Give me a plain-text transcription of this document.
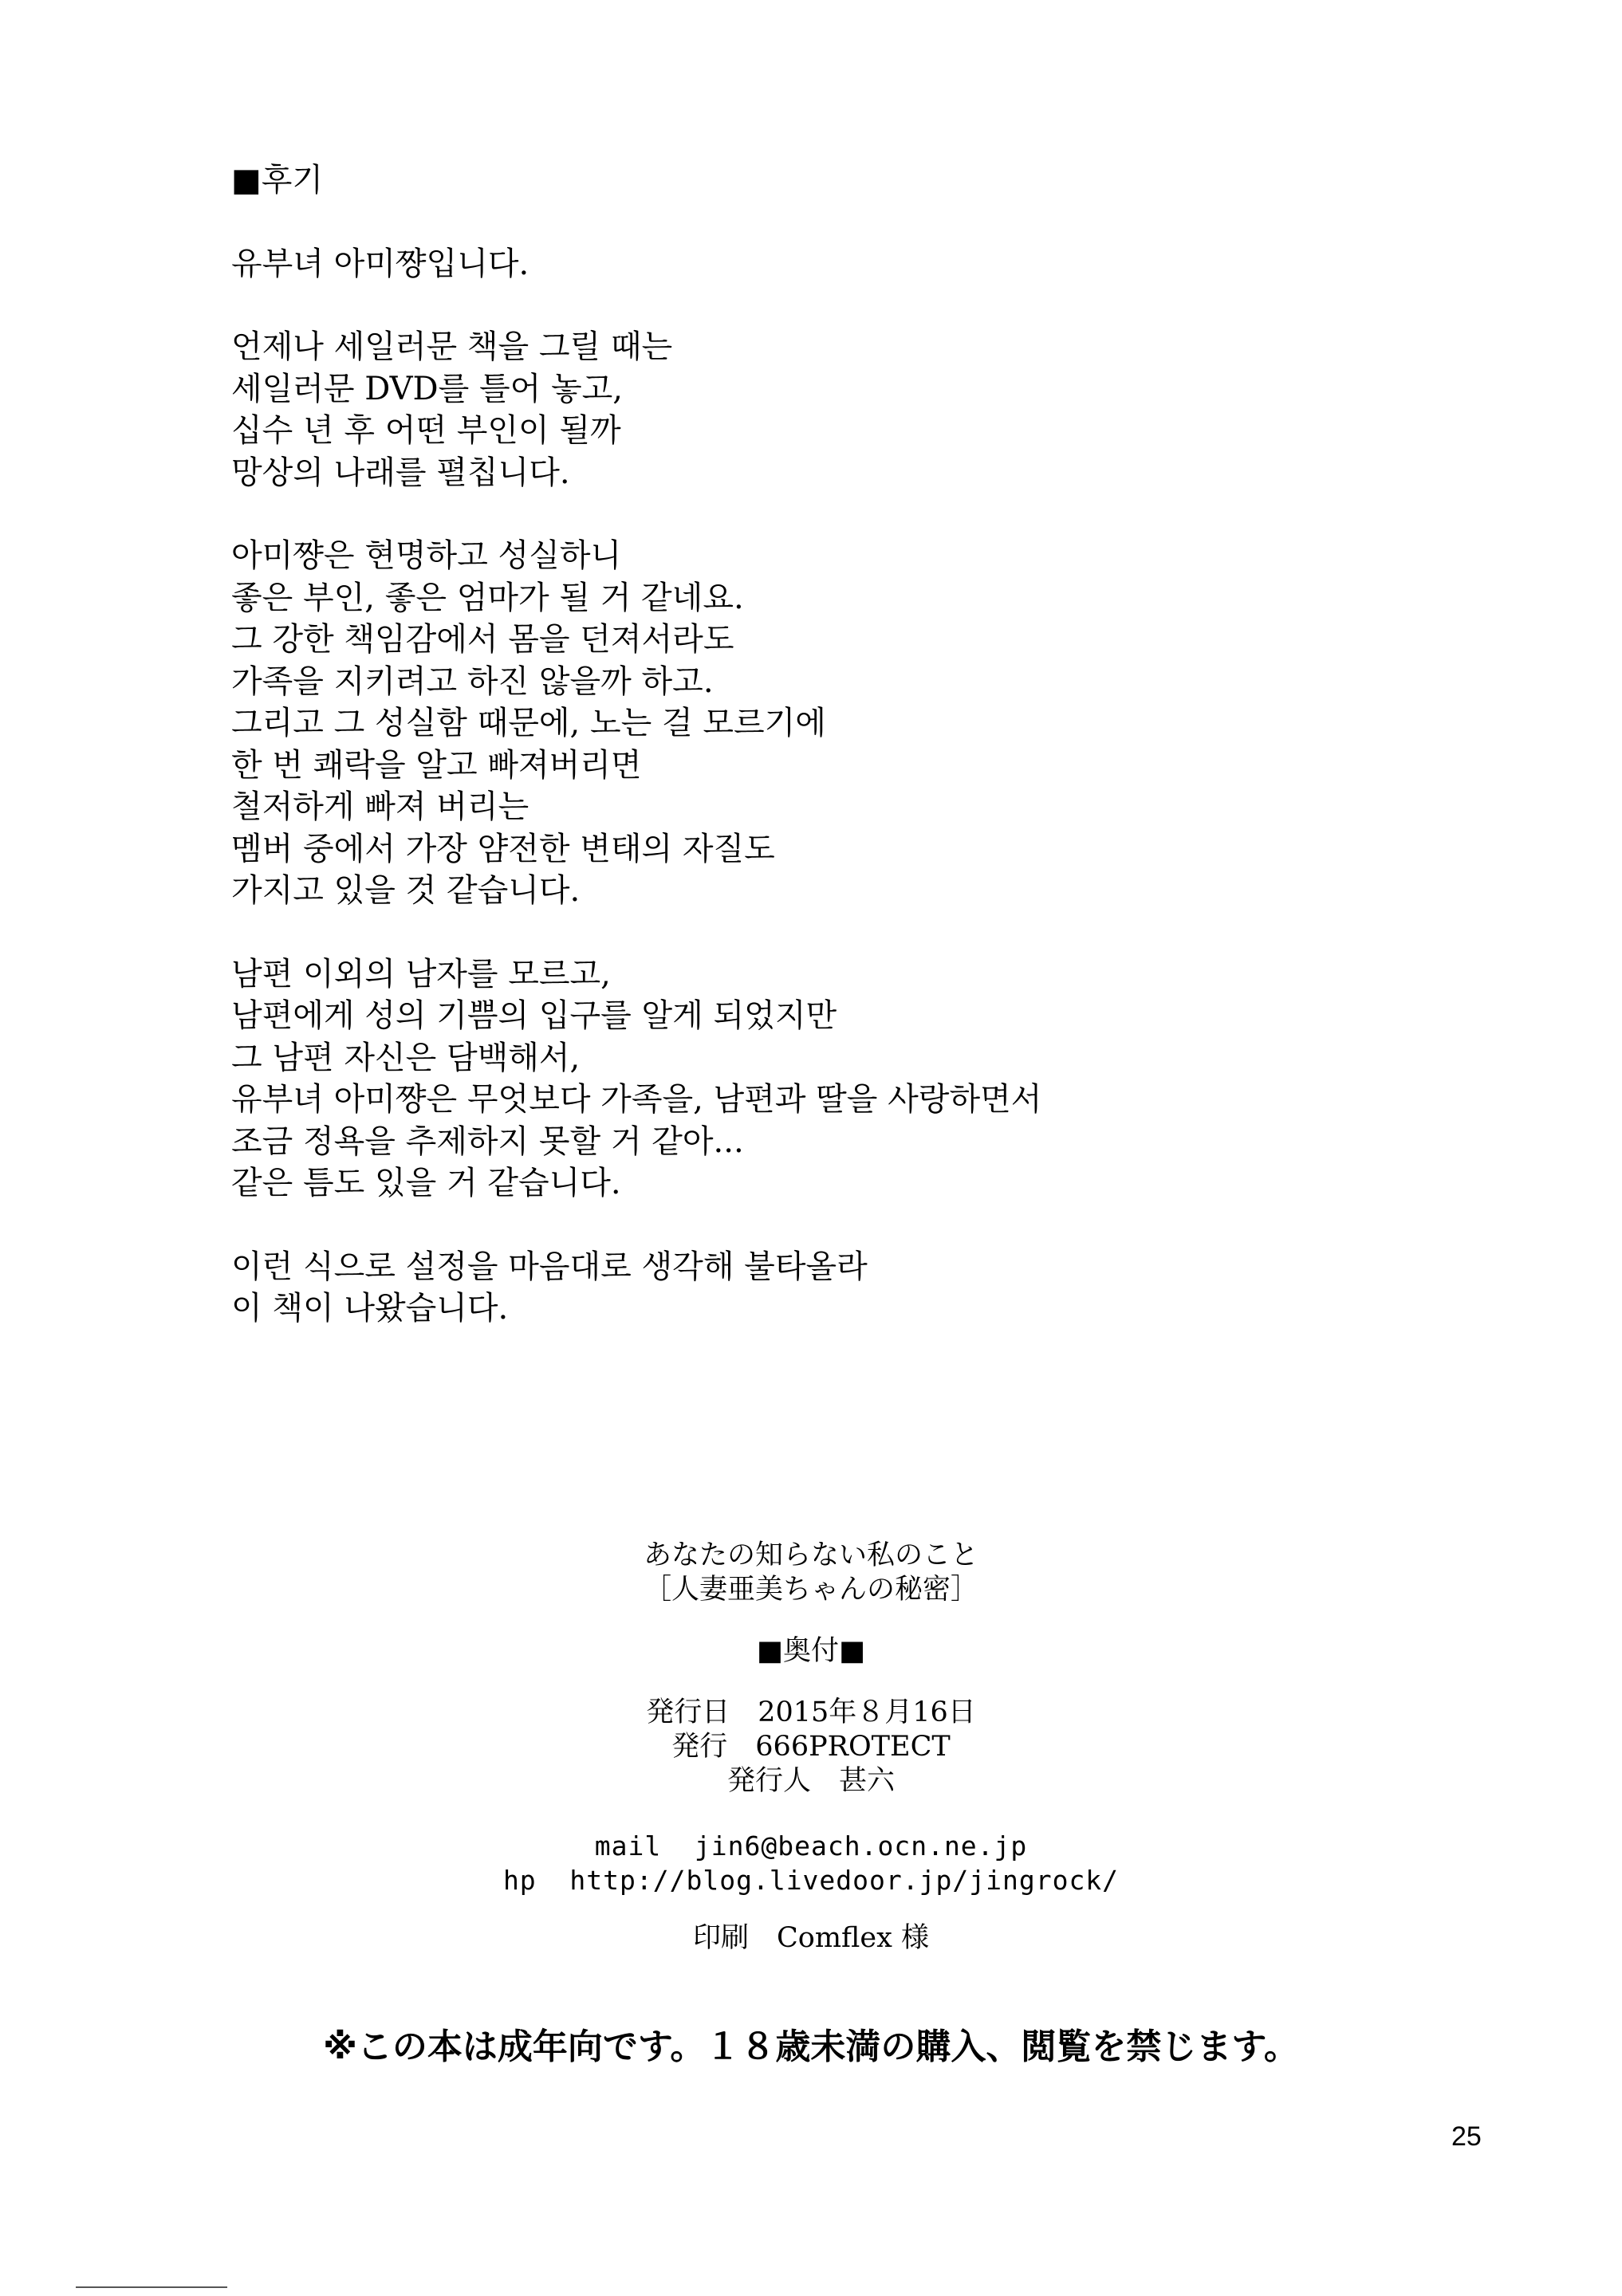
■후기
유부녀 아미쨩입니다.
언제나 세일러문 책을 그릴 때는
세일러문 DVD를 틀어 놓고,
십수 년 후 어떤 부인이 될까
망상의 나래를 펼칩니다.
아미쨩은 현명하고 성실하니
좋은 부인, 좋은 엄마가 될 거 같네요.
그 강한 책임감에서 몸을 던져서라도
가족을 지키려고 하진 않을까 하고.
그리고 그 성실함 때문에, 노는 걸 모르기에
한 번 쾌락을 알고 빠져버리면
철저하게 빠져 버리는
멤버 중에서 가장 얌전한 변태의 자질도
가지고 있을 것 같습니다.
남편 이외의 남자를 모르고,
남편에게 성의 기쁨의 입구를 알게 되었지만
그 남편 자신은 담백해서,
유부녀 아미쨩은 무엇보다 가족을, 남편과 딸을 사랑하면서
조금 정욕을 추제하지 못할 거 같아...
같은 틈도 있을 거 같습니다.
이런 식으로 설정을 마음대로 생각해 불타올라
이 책이 나왔습니다.
あなたの知らない私のこと
［人妻亜美ちゃんの秘密］
■奥付■
発行日　2015年８月16日
発行　666PROTECT
発行人　甚六
mail  jin6@beach.ocn.ne.jp
hp  http://blog.livedoor.jp/jingrock/
印刷　Comflex 様
※この本は成年向です。１８歳未満の購入、閲覧を禁じます。
25
